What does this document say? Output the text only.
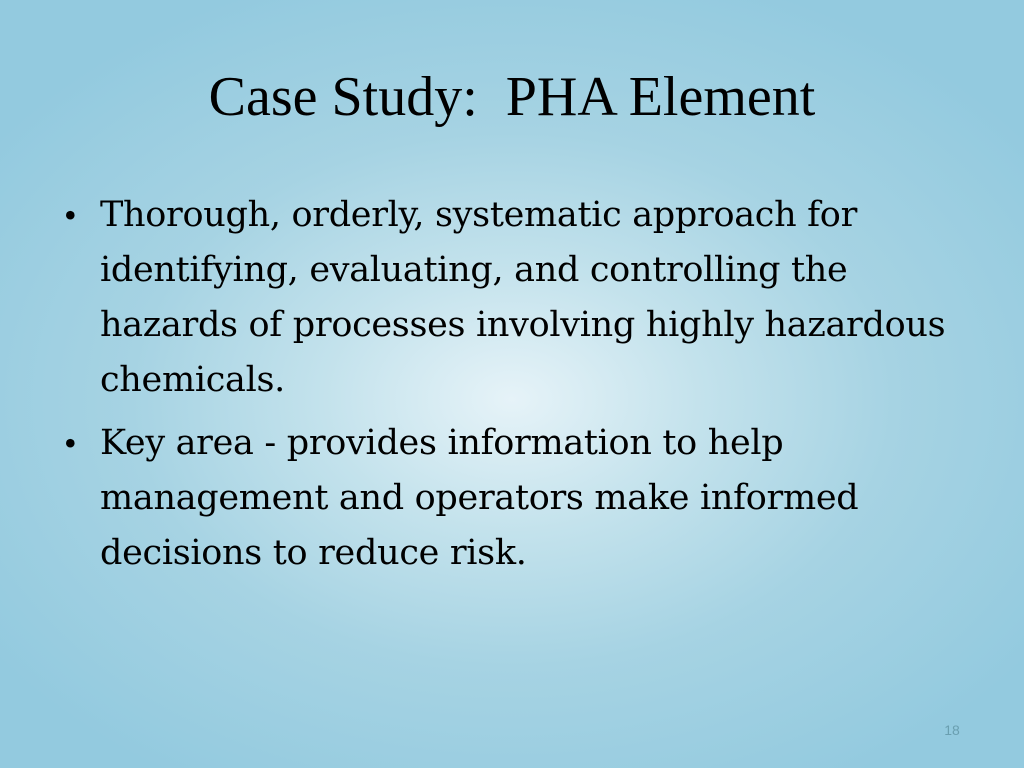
Case Study:  PHA Element
• Thorough, orderly, systematic approach for identifying, evaluating, and controlling the hazards of processes involving highly hazardous chemicals.
• Key area - provides information to help management and operators make informed decisions to reduce risk.
18
